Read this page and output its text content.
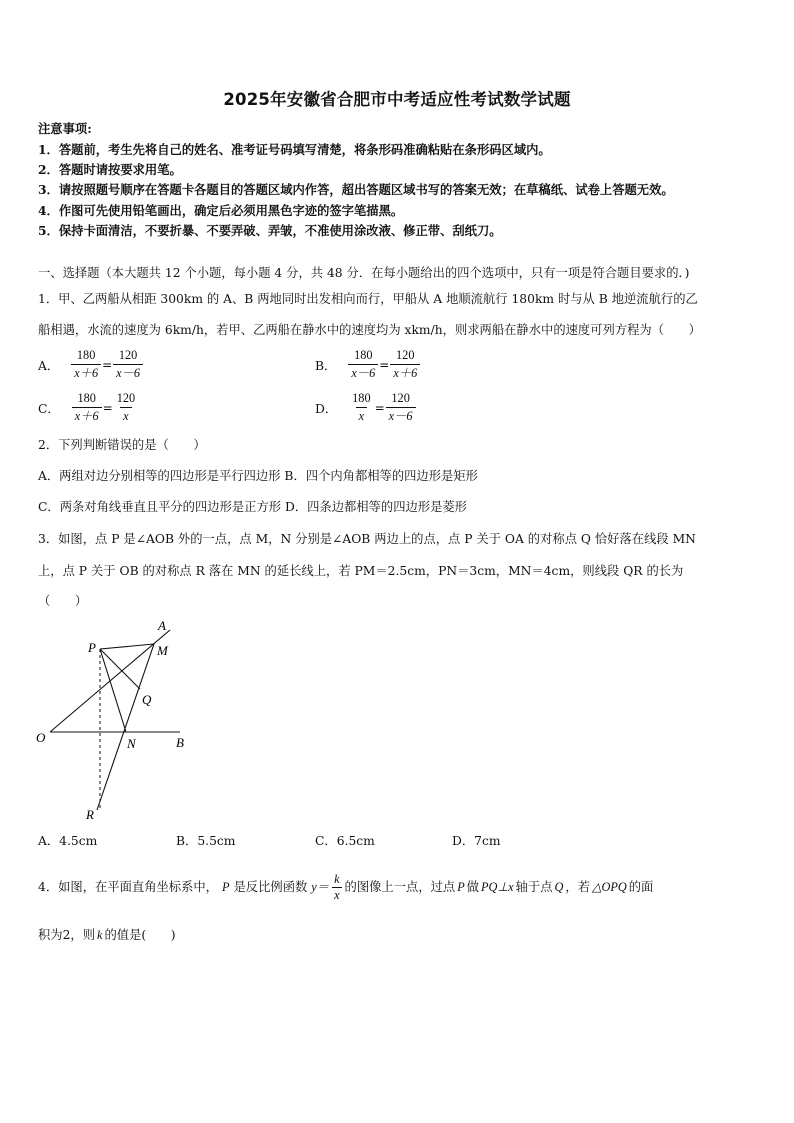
2025年安徽省合肥市中考适应性考试数学试题
注意事项:
1．答题前，考生先将自己的姓名、准考证号码填写清楚，将条形码准确粘贴在条形码区域内。
2．答题时请按要求用笔。
3．请按照题号顺序在答题卡各题目的答题区域内作答，超出答题区域书写的答案无效；在草稿纸、试卷上答题无效。
4．作图可先使用铅笔画出，确定后必须用黑色字迹的签字笔描黑。
5．保持卡面清洁，不要折暴、不要弄破、弄皱，不准使用涂改液、修正带、刮纸刀。
一、选择题（本大题共 12 个小题，每小题 4 分，共 48 分．在每小题给出的四个选项中，只有一项是符合题目要求的．)
1．甲、乙两船从相距 300km 的 A、B 两地同时出发相向而行，甲船从 A 地顺流航行 180km 时与从 B 地逆流航行的乙
船相遇，水流的速度为 6km/h，若甲、乙两船在静水中的速度均为 xkm/h，则求两船在静水中的速度可列方程为（　　）
A． $\frac{180}{x+6} = \frac{120}{x-6}$	B． $\frac{180}{x-6} = \frac{120}{x+6}$
C． $\frac{180}{x+6} = \frac{120}{x}$	D． $\frac{180}{x} = \frac{120}{x-6}$
2．下列判断错误的是（　　）
A．两组对边分别相等的四边形是平行四边形 B．四个内角都相等的四边形是矩形
C．两条对角线垂直且平分的四边形是正方形 D．四条边都相等的四边形是菱形
3．如图，点 P 是∠AOB 外的一点，点 M，N 分别是∠AOB 两边上的点，点 P 关于 OA 的对称点 Q 恰好落在线段 MN
上，点 P 关于 OB 的对称点 R 落在 MN 的延长线上，若 PM＝2.5cm，PN＝3cm，MN＝4cm，则线段 QR 的长为
（　　）
P
A
M
Q
O	N	B
R
A．4.5cm	B．5.5cm	C．6.5cm	D．7cm
4．如图，在平面直角坐标系中， P 是反比例函数 y＝
k
x
的图像上一点，过点 P 做 PQ⊥x 轴于点 Q ，若 △OPQ 的面
积为2，则 k 的值是(　　)
